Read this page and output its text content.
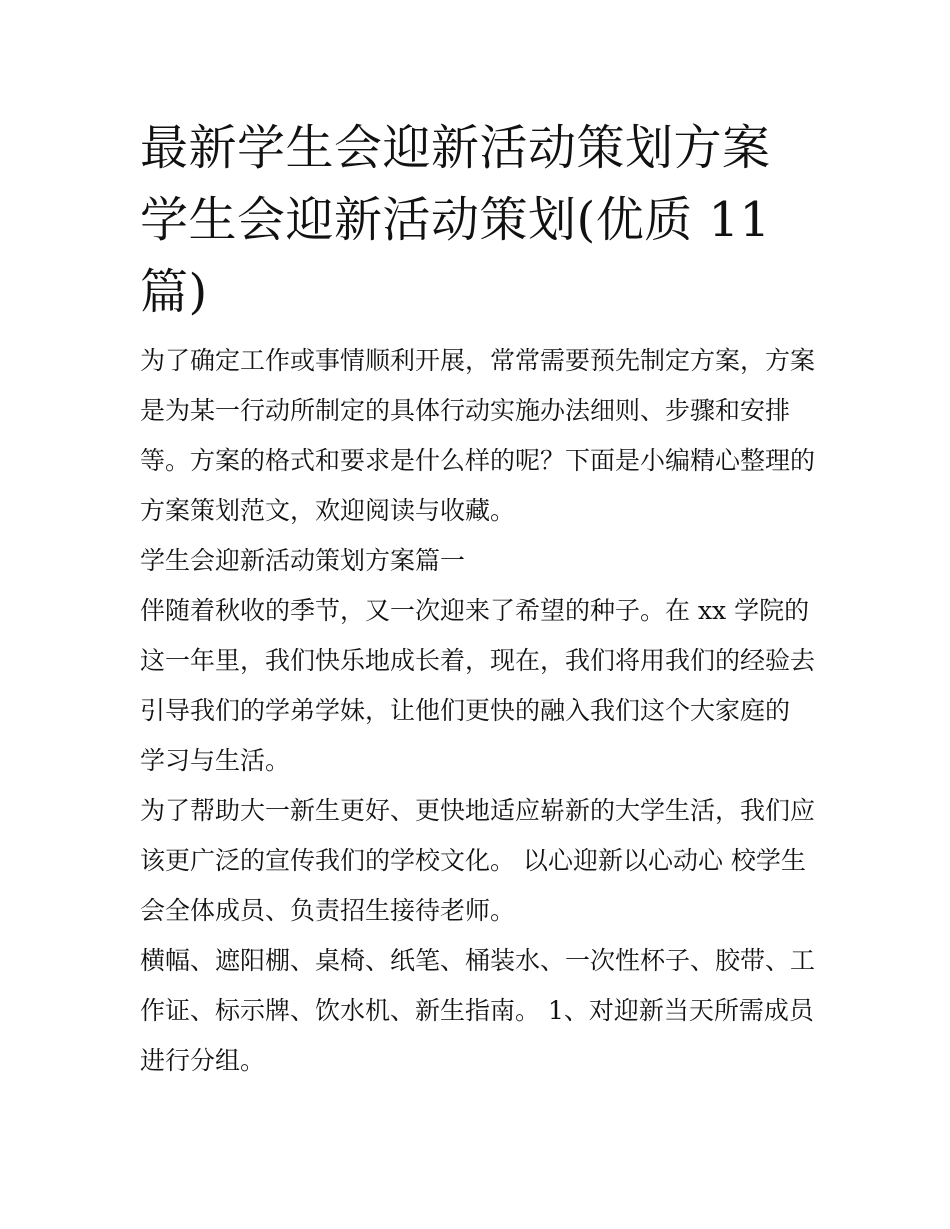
最新学生会迎新活动策划方案
学生会迎新活动策划(优质 11
篇)

为了确定工作或事情顺利开展，常常需要预先制定方案，方案
是为某一行动所制定的具体行动实施办法细则、步骤和安排
等。方案的格式和要求是什么样的呢？下面是小编精心整理的
方案策划范文，欢迎阅读与收藏。

学生会迎新活动策划方案篇一

伴随着秋收的季节，又一次迎来了希望的种子。在 xx 学院的
这一年里，我们快乐地成长着，现在，我们将用我们的经验去
引导我们的学弟学妹，让他们更快的融入我们这个大家庭的
学习与生活。

为了帮助大一新生更好、更快地适应崭新的大学生活，我们应
该更广泛的宣传我们的学校文化。 以心迎新以心动心 校学生
会全体成员、负责招生接待老师。

横幅、遮阳棚、桌椅、纸笔、桶装水、一次性杯子、胶带、工
作证、标示牌、饮水机、新生指南。 1、对迎新当天所需成员
进行分组。
